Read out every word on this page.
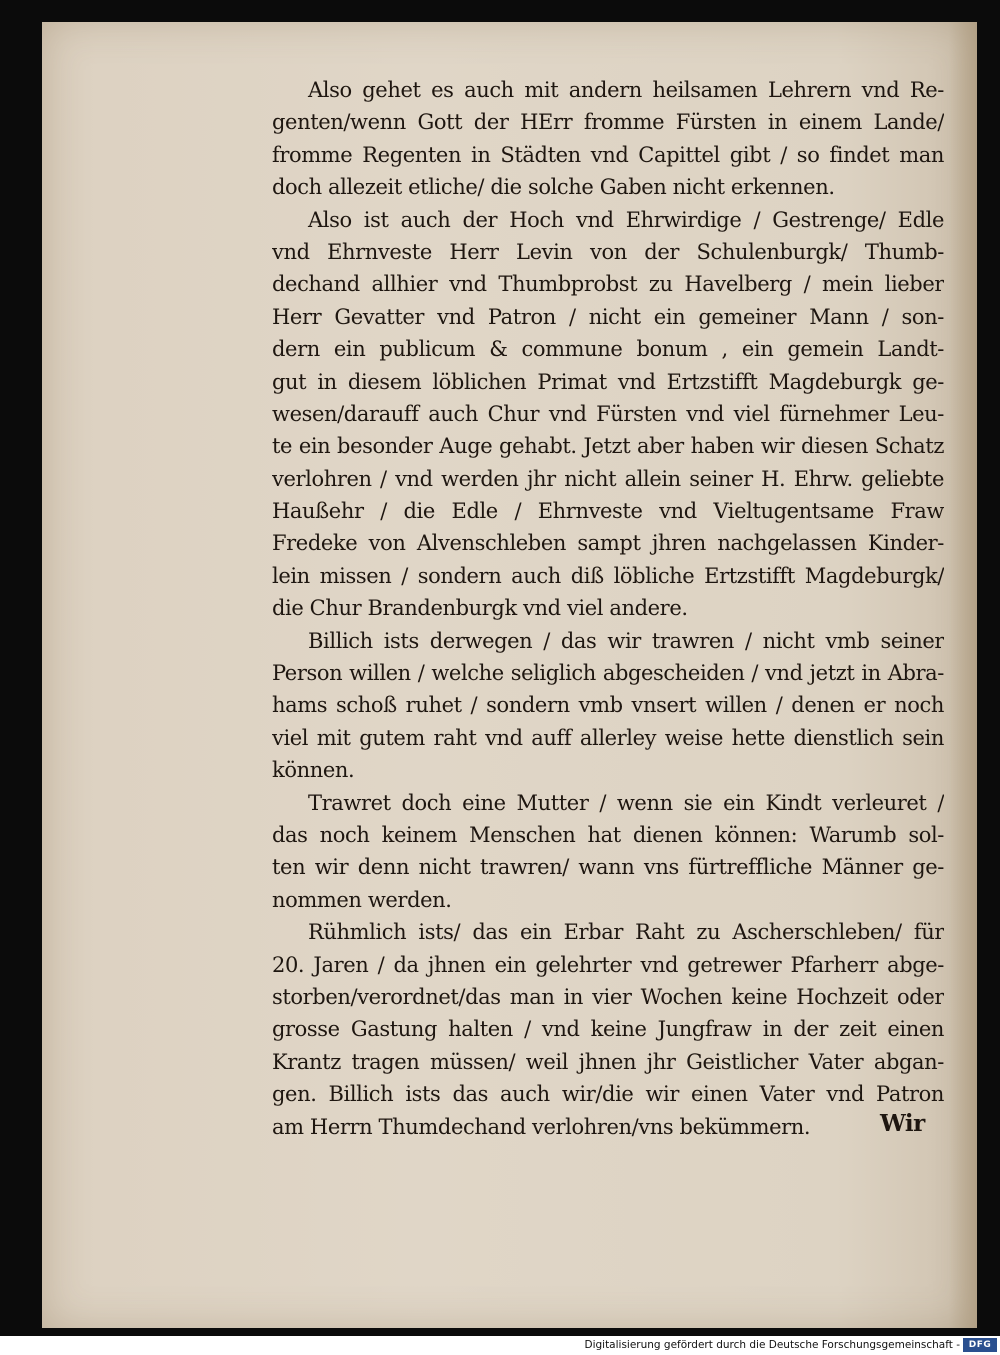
Also gehet es auch mit andern heilsamen Lehrern vnd Re-

genten/wenn Gott der HErr fromme Fürsten in einem Lande/

fromme Regenten in Städten vnd Capittel gibt / so findet man

doch allezeit etliche/ die solche Gaben nicht erkennen.

Also ist auch der Hoch vnd Ehrwirdige / Gestrenge/ Edle

vnd Ehrnveste Herr Levin von der Schulenburgk/ Thumb-

dechand allhier vnd Thumbprobst zu Havelberg / mein lieber

Herr Gevatter vnd Patron / nicht ein gemeiner Mann / son-

dern ein publicum & commune bonum , ein gemein Landt-

gut in diesem löblichen Primat vnd Ertzstifft Magdeburgk ge-

wesen/darauff auch Chur vnd Fürsten vnd viel fürnehmer Leu-

te ein besonder Auge gehabt. Jetzt aber haben wir diesen Schatz

verlohren / vnd werden jhr nicht allein seiner H. Ehrw. geliebte

Haußehr / die Edle / Ehrnveste vnd Vieltugentsame Fraw

Fredeke von Alvenschleben sampt jhren nachgelassen Kinder-

lein missen / sondern auch diß löbliche Ertzstifft Magdeburgk/

die Chur Brandenburgk vnd viel andere.

Billich ists derwegen / das wir trawren / nicht vmb seiner

Person willen / welche seliglich abgescheiden / vnd jetzt in Abra-

hams schoß ruhet / sondern vmb vnsert willen / denen er noch

viel mit gutem raht vnd auff allerley weise hette dienstlich sein

können.

Trawret doch eine Mutter / wenn sie ein Kindt verleuret /

das noch keinem Menschen hat dienen können: Warumb sol-

ten wir denn nicht trawren/ wann vns fürtreffliche Männer ge-

nommen werden.

Rühmlich ists/ das ein Erbar Raht zu Ascherschleben/ für

20. Jaren / da jhnen ein gelehrter vnd getrewer Pfarherr abge-

storben/verordnet/das man in vier Wochen keine Hochzeit oder

grosse Gastung halten / vnd keine Jungfraw in der zeit einen

Krantz tragen müssen/ weil jhnen jhr Geistlicher Vater abgan-

gen. Billich ists das auch wir/die wir einen Vater vnd Patron

am Herrn Thumdechand verlohren/vns bekümmern.	Wir
Digitalisierung gefördert durch die Deutsche Forschungsgemeinschaft - DFG
